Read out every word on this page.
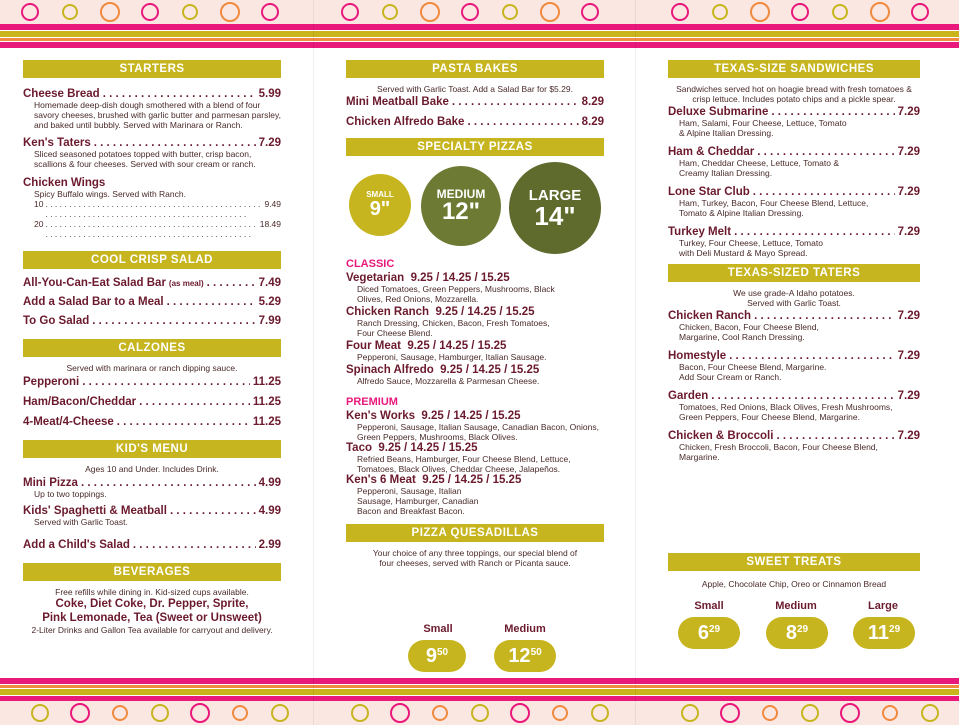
STARTERS
Cheese Bread . . .	5.99
Homemade deep-dish dough smothered with a blend of four savory cheeses, brushed with garlic butter and parmesan parsley, and baked until bubbly. Served with Marinara or Ranch.
Ken's Taters . . .	7.29
Sliced seasoned potatoes topped with butter, crisp bacon, scallions & four cheeses. Served with sour cream or ranch.
Chicken Wings
Spicy Buffalo wings. Served with Ranch.
10 . . .	9.49
20 . . .	18.49
COOL CRISP SALAD
All-You-Can-Eat Salad Bar (as meal) . . .	7.49
Add a Salad Bar to a Meal . . .	5.29
To Go Salad . . .	7.99
CALZONES
Served with marinara or ranch dipping sauce.
Pepperoni . . .	11.25
Ham/Bacon/Cheddar . . .	11.25
4-Meat/4-Cheese . . .	11.25
KID'S MENU
Ages 10 and Under. Includes Drink.
Mini Pizza . . .	4.99
Up to two toppings.
Kids' Spaghetti & Meatball . . .	4.99
Served with Garlic Toast.
Add a Child's Salad . . .	2.99
BEVERAGES
Free refills while dining in. Kid-sized cups available.
Coke, Diet Coke, Dr. Pepper, Sprite,
Pink Lemonade, Tea (Sweet or Unsweet)
2-Liter Drinks and Gallon Tea available for carryout and delivery.
PASTA BAKES
Served with Garlic Toast. Add a Salad Bar for $5.29.
Mini Meatball Bake . . .	8.29
Chicken Alfredo Bake . . .	8.29
SPECIALTY PIZZAS
SMALL
9"
MEDIUM
12"
LARGE
14"
CLASSIC
Vegetarian 9.25 / 14.25 / 15.25
Diced Tomatoes, Green Peppers, Mushrooms, Black Olives, Red Onions, Mozzarella.
Chicken Ranch 9.25 / 14.25 / 15.25
Ranch Dressing, Chicken, Bacon, Fresh Tomatoes, Four Cheese Blend.
Four Meat 9.25 / 14.25 / 15.25
Pepperoni, Sausage, Hamburger, Italian Sausage.
Spinach Alfredo 9.25 / 14.25 / 15.25
Alfredo Sauce, Mozzarella & Parmesan Cheese.
PREMIUM
Ken's Works 9.25 / 14.25 / 15.25
Pepperoni, Sausage, Italian Sausage, Canadian Bacon, Onions, Green Peppers, Mushrooms, Black Olives.
Taco 9.25 / 14.25 / 15.25
Refried Beans, Hamburger, Four Cheese Blend, Lettuce, Tomatoes, Black Olives, Cheddar Cheese, Jalapeños.
Ken's 6 Meat 9.25 / 14.25 / 15.25
Pepperoni, Sausage, Italian Sausage, Hamburger, Canadian Bacon and Breakfast Bacon.
PIZZA QUESADILLAS
Your choice of any three toppings, our special blend of four cheeses, served with Ranch or Picanta sauce.
Small	Medium
$9^{50}$	$12^{50}$
TEXAS-SIZE SANDWICHES
Sandwiches served hot on hoagie bread with fresh tomatoes & crisp lettuce. Includes potato chips and a pickle spear.
Deluxe Submarine . . .	7.29
Ham, Salami, Four Cheese, Lettuce, Tomato & Alpine Italian Dressing.
Ham & Cheddar . . .	7.29
Ham, Cheddar Cheese, Lettuce, Tomato & Creamy Italian Dressing.
Lone Star Club . . .	7.29
Ham, Turkey, Bacon, Four Cheese Blend, Lettuce, Tomato & Alpine Italian Dressing.
Turkey Melt . . .	7.29
Turkey, Four Cheese, Lettuce, Tomato with Deli Mustard & Mayo Spread.
TEXAS-SIZED TATERS
We use grade-A Idaho potatoes. Served with Garlic Toast.
Chicken Ranch . . .	7.29
Chicken, Bacon, Four Cheese Blend, Margarine, Cool Ranch Dressing.
Homestyle . . .	7.29
Bacon, Four Cheese Blend, Margarine. Add Sour Cream or Ranch.
Garden . . .	7.29
Tomatoes, Red Onions, Black Olives, Fresh Mushrooms, Green Peppers, Four Cheese Blend, Margarine.
Chicken & Broccoli . . .	7.29
Chicken, Fresh Broccoli, Bacon, Four Cheese Blend, Margarine.
SWEET TREATS
Apple, Chocolate Chip, Oreo or Cinnamon Bread
Small	Medium	Large
$6^{29}$	$8^{29}$	$11^{29}$
